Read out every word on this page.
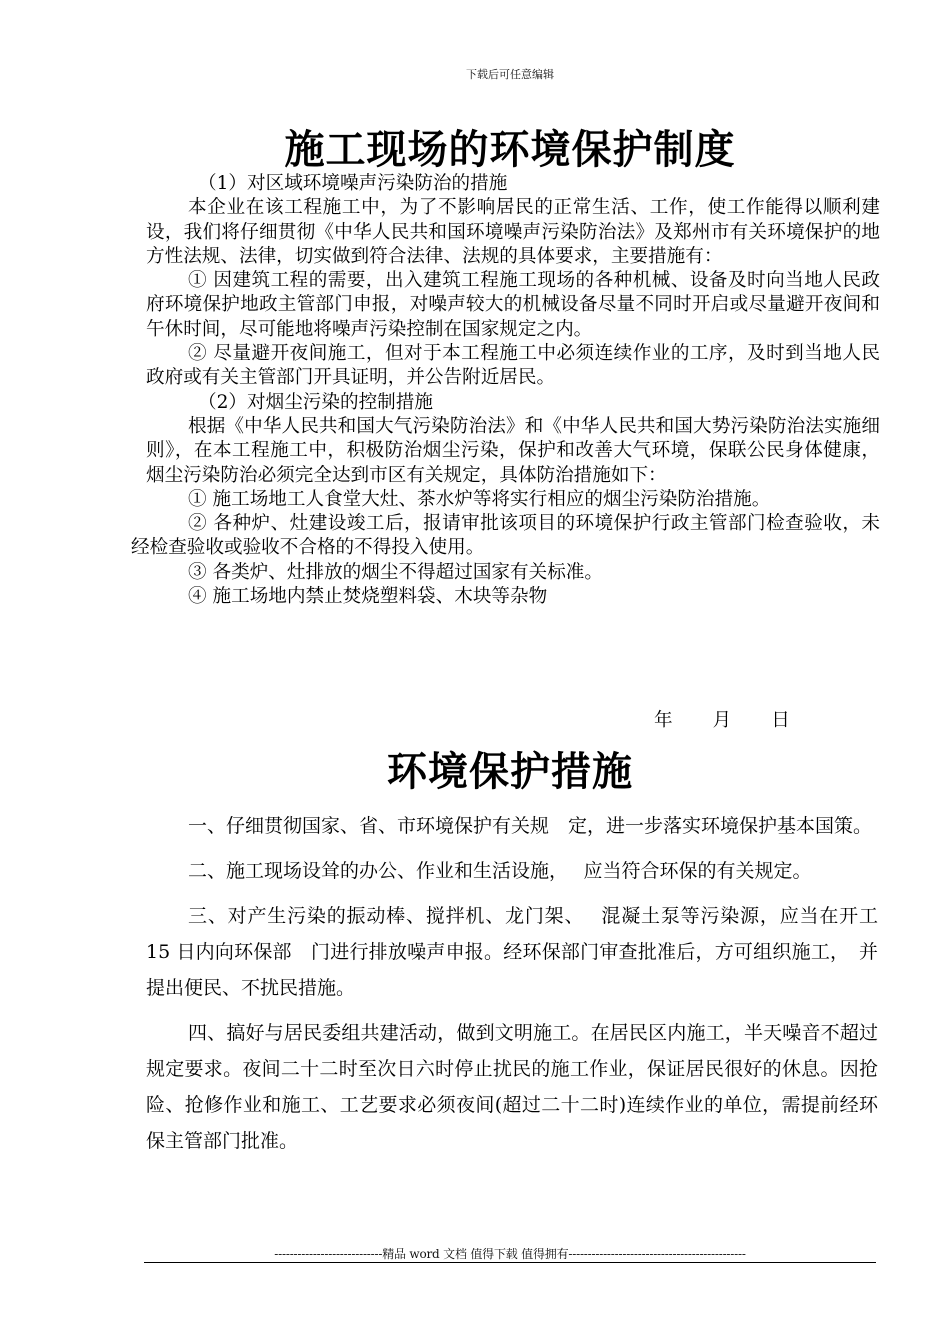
下载后可任意编辑
施工现场的环境保护制度

（1）对区域环境噪声污染防治的措施

本企业在该工程施工中，为了不影响居民的正常生活、工作，使工作能得以顺利建设，我们将仔细贯彻《中华人民共和国环境噪声污染防治法》及郑州市有关环境保护的地方性法规、法律，切实做到符合法律、法规的具体要求，主要措施有：

① 因建筑工程的需要，出入建筑工程施工现场的各种机械、设备及时向当地人民政府环境保护地政主管部门申报，对噪声较大的机械设备尽量不同时开启或尽量避开夜间和午休时间，尽可能地将噪声污染控制在国家规定之内。

② 尽量避开夜间施工，但对于本工程施工中必须连续作业的工序，及时到当地人民政府或有关主管部门开具证明，并公告附近居民。

（2）对烟尘污染的控制措施

根据《中华人民共和国大气污染防治法》和《中华人民共和国大势污染防治法实施细则》，在本工程施工中，积极防治烟尘污染，保护和改善大气环境，保联公民身体健康，烟尘污染防治必须完全达到市区有关规定，具体防治措施如下：

① 施工场地工人食堂大灶、茶水炉等将实行相应的烟尘污染防治措施。

② 各种炉、灶建设竣工后，报请审批该项目的环境保护行政主管部门检查验收，未经检查验收或验收不合格的不得投入使用。

③ 各类炉、灶排放的烟尘不得超过国家有关标准。

④ 施工场地内禁止焚烧塑料袋、木块等杂物

年 月 日
环境保护措施

一、仔细贯彻国家、省、市环境保护有关规　定，进一步落实环境保护基本国策。

二、施工现场设耸的办公、作业和生活设施，　 应当符合环保的有关规定。

三、对产生污染的振动棒、搅拌机、龙门架、　 混凝土泵等污染源，应当在开工 15 日内向环保部　门进行排放噪声申报。经环保部门审查批准后，方可组织施工，　并提出便民、不扰民措施。

四、搞好与居民委组共建活动，做到文明施工。在居民区内施工，半天噪音不超过规定要求。夜间二十二时至次日六时停止扰民的施工作业，保证居民很好的休息。因抢险、抢修作业和施工、工艺要求必须夜间(超过二十二时)连续作业的单位，需提前经环保主管部门批准。

----------------------------精品 word 文档 值得下载 值得拥有----------------------------------------------
